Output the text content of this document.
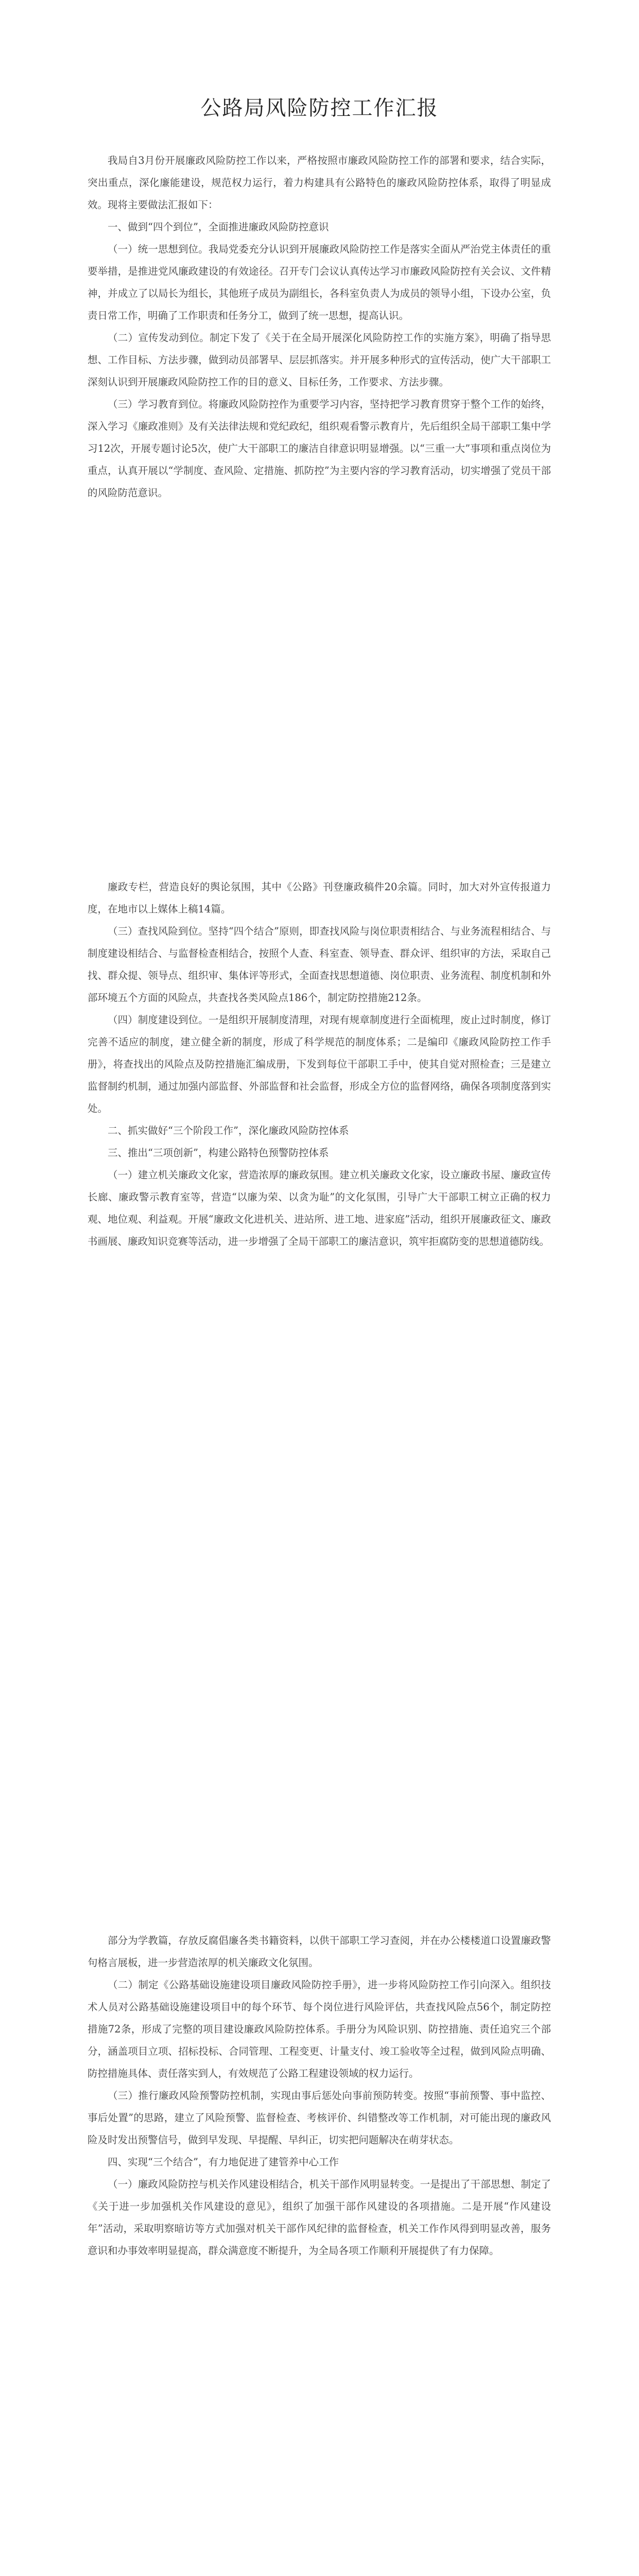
公路局风险防控工作汇报

我局自3月份开展廉政风险防控工作以来，严格按照市廉政风险防控工作的部署和要求，结合实际，突出重点，深化廉能建设，规范权力运行，着力构建具有公路特色的廉政风险防控体系，取得了明显成效。现将主要做法汇报如下：

一、做到“四个到位”，全面推进廉政风险防控意识

（一）统一思想到位。我局党委充分认识到开展廉政风险防控工作是落实全面从严治党主体责任的重要举措，是推进党风廉政建设的有效途径。召开专门会议认真传达学习市廉政风险防控有关会议、文件精神，并成立了以局长为组长，其他班子成员为副组长，各科室负责人为成员的领导小组，下设办公室，负责日常工作，明确了工作职责和任务分工，做到了统一思想，提高认识。

（二）宣传发动到位。制定下发了《关于在全局开展深化风险防控工作的实施方案》，明确了指导思想、工作目标、方法步骤，做到动员部署早、层层抓落实。并开展多种形式的宣传活动，使广大干部职工深刻认识到开展廉政风险防控工作的目的意义、目标任务，工作要求、方法步骤。

（三）学习教育到位。将廉政风险防控作为重要学习内容，坚持把学习教育贯穿于整个工作的始终，深入学习《廉政准则》及有关法律法规和党纪政纪，组织观看警示教育片，先后组织全局干部职工集中学习12次，开展专题讨论5次，使广大干部职工的廉洁自律意识明显增强。以“三重一大”事项和重点岗位为重点，认真开展以“学制度、查风险、定措施、抓防控”为主要内容的学习教育活动，切实增强了党员干部的风险防范意识。

廉政专栏，营造良好的舆论氛围，其中《公路》刊登廉政稿件20余篇。同时，加大对外宣传报道力度，在地市以上媒体上稿14篇。

（三）查找风险到位。坚持“四个结合”原则，即查找风险与岗位职责相结合、与业务流程相结合、与制度建设相结合、与监督检查相结合，按照个人查、科室查、领导查、群众评、组织审的方法，采取自己找、群众提、领导点、组织审、集体评等形式，全面查找思想道德、岗位职责、业务流程、制度机制和外部环境五个方面的风险点，共查找各类风险点186个，制定防控措施212条。

（四）制度建设到位。一是组织开展制度清理，对现有规章制度进行全面梳理，废止过时制度，修订完善不适应的制度，建立健全新的制度，形成了科学规范的制度体系；二是编印《廉政风险防控工作手册》，将查找出的风险点及防控措施汇编成册，下发到每位干部职工手中，使其自觉对照检查；三是建立监督制约机制，通过加强内部监督、外部监督和社会监督，形成全方位的监督网络，确保各项制度落到实处。

二、抓实做好“三个阶段工作”，深化廉政风险防控体系

三、推出“三项创新”，构建公路特色预警防控体系

（一）建立机关廉政文化家，营造浓厚的廉政氛围。建立机关廉政文化家，设立廉政书屋、廉政宣传长廊、廉政警示教育室等，营造“以廉为荣、以贪为耻”的文化氛围，引导广大干部职工树立正确的权力观、地位观、利益观。开展“廉政文化进机关、进站所、进工地、进家庭”活动，组织开展廉政征文、廉政书画展、廉政知识竞赛等活动，进一步增强了全局干部职工的廉洁意识，筑牢拒腐防变的思想道德防线。

部分为学教篇，存放反腐倡廉各类书籍资料，以供干部职工学习查阅，并在办公楼楼道口设置廉政警句格言展板，进一步营造浓厚的机关廉政文化氛围。

（二）制定《公路基础设施建设项目廉政风险防控手册》，进一步将风险防控工作引向深入。组织技术人员对公路基础设施建设项目中的每个环节、每个岗位进行风险评估，共查找风险点56个，制定防控措施72条，形成了完整的项目建设廉政风险防控体系。手册分为风险识别、防控措施、责任追究三个部分，涵盖项目立项、招标投标、合同管理、工程变更、计量支付、竣工验收等全过程，做到风险点明确、防控措施具体、责任落实到人，有效规范了公路工程建设领域的权力运行。

（三）推行廉政风险预警防控机制，实现由事后惩处向事前预防转变。按照“事前预警、事中监控、事后处置”的思路，建立了风险预警、监督检查、考核评价、纠错整改等工作机制，对可能出现的廉政风险及时发出预警信号，做到早发现、早提醒、早纠正，切实把问题解决在萌芽状态。

四、实现“三个结合”，有力地促进了建管养中心工作

（一）廉政风险防控与机关作风建设相结合，机关干部作风明显转变。一是提出了干部思想、制定了《关于进一步加强机关作风建设的意见》，组织了加强干部作风建设的各项措施。二是开展“作风建设年”活动，采取明察暗访等方式加强对机关干部作风纪律的监督检查，机关工作作风得到明显改善，服务意识和办事效率明显提高，群众满意度不断提升，为全局各项工作顺利开展提供了有力保障。
